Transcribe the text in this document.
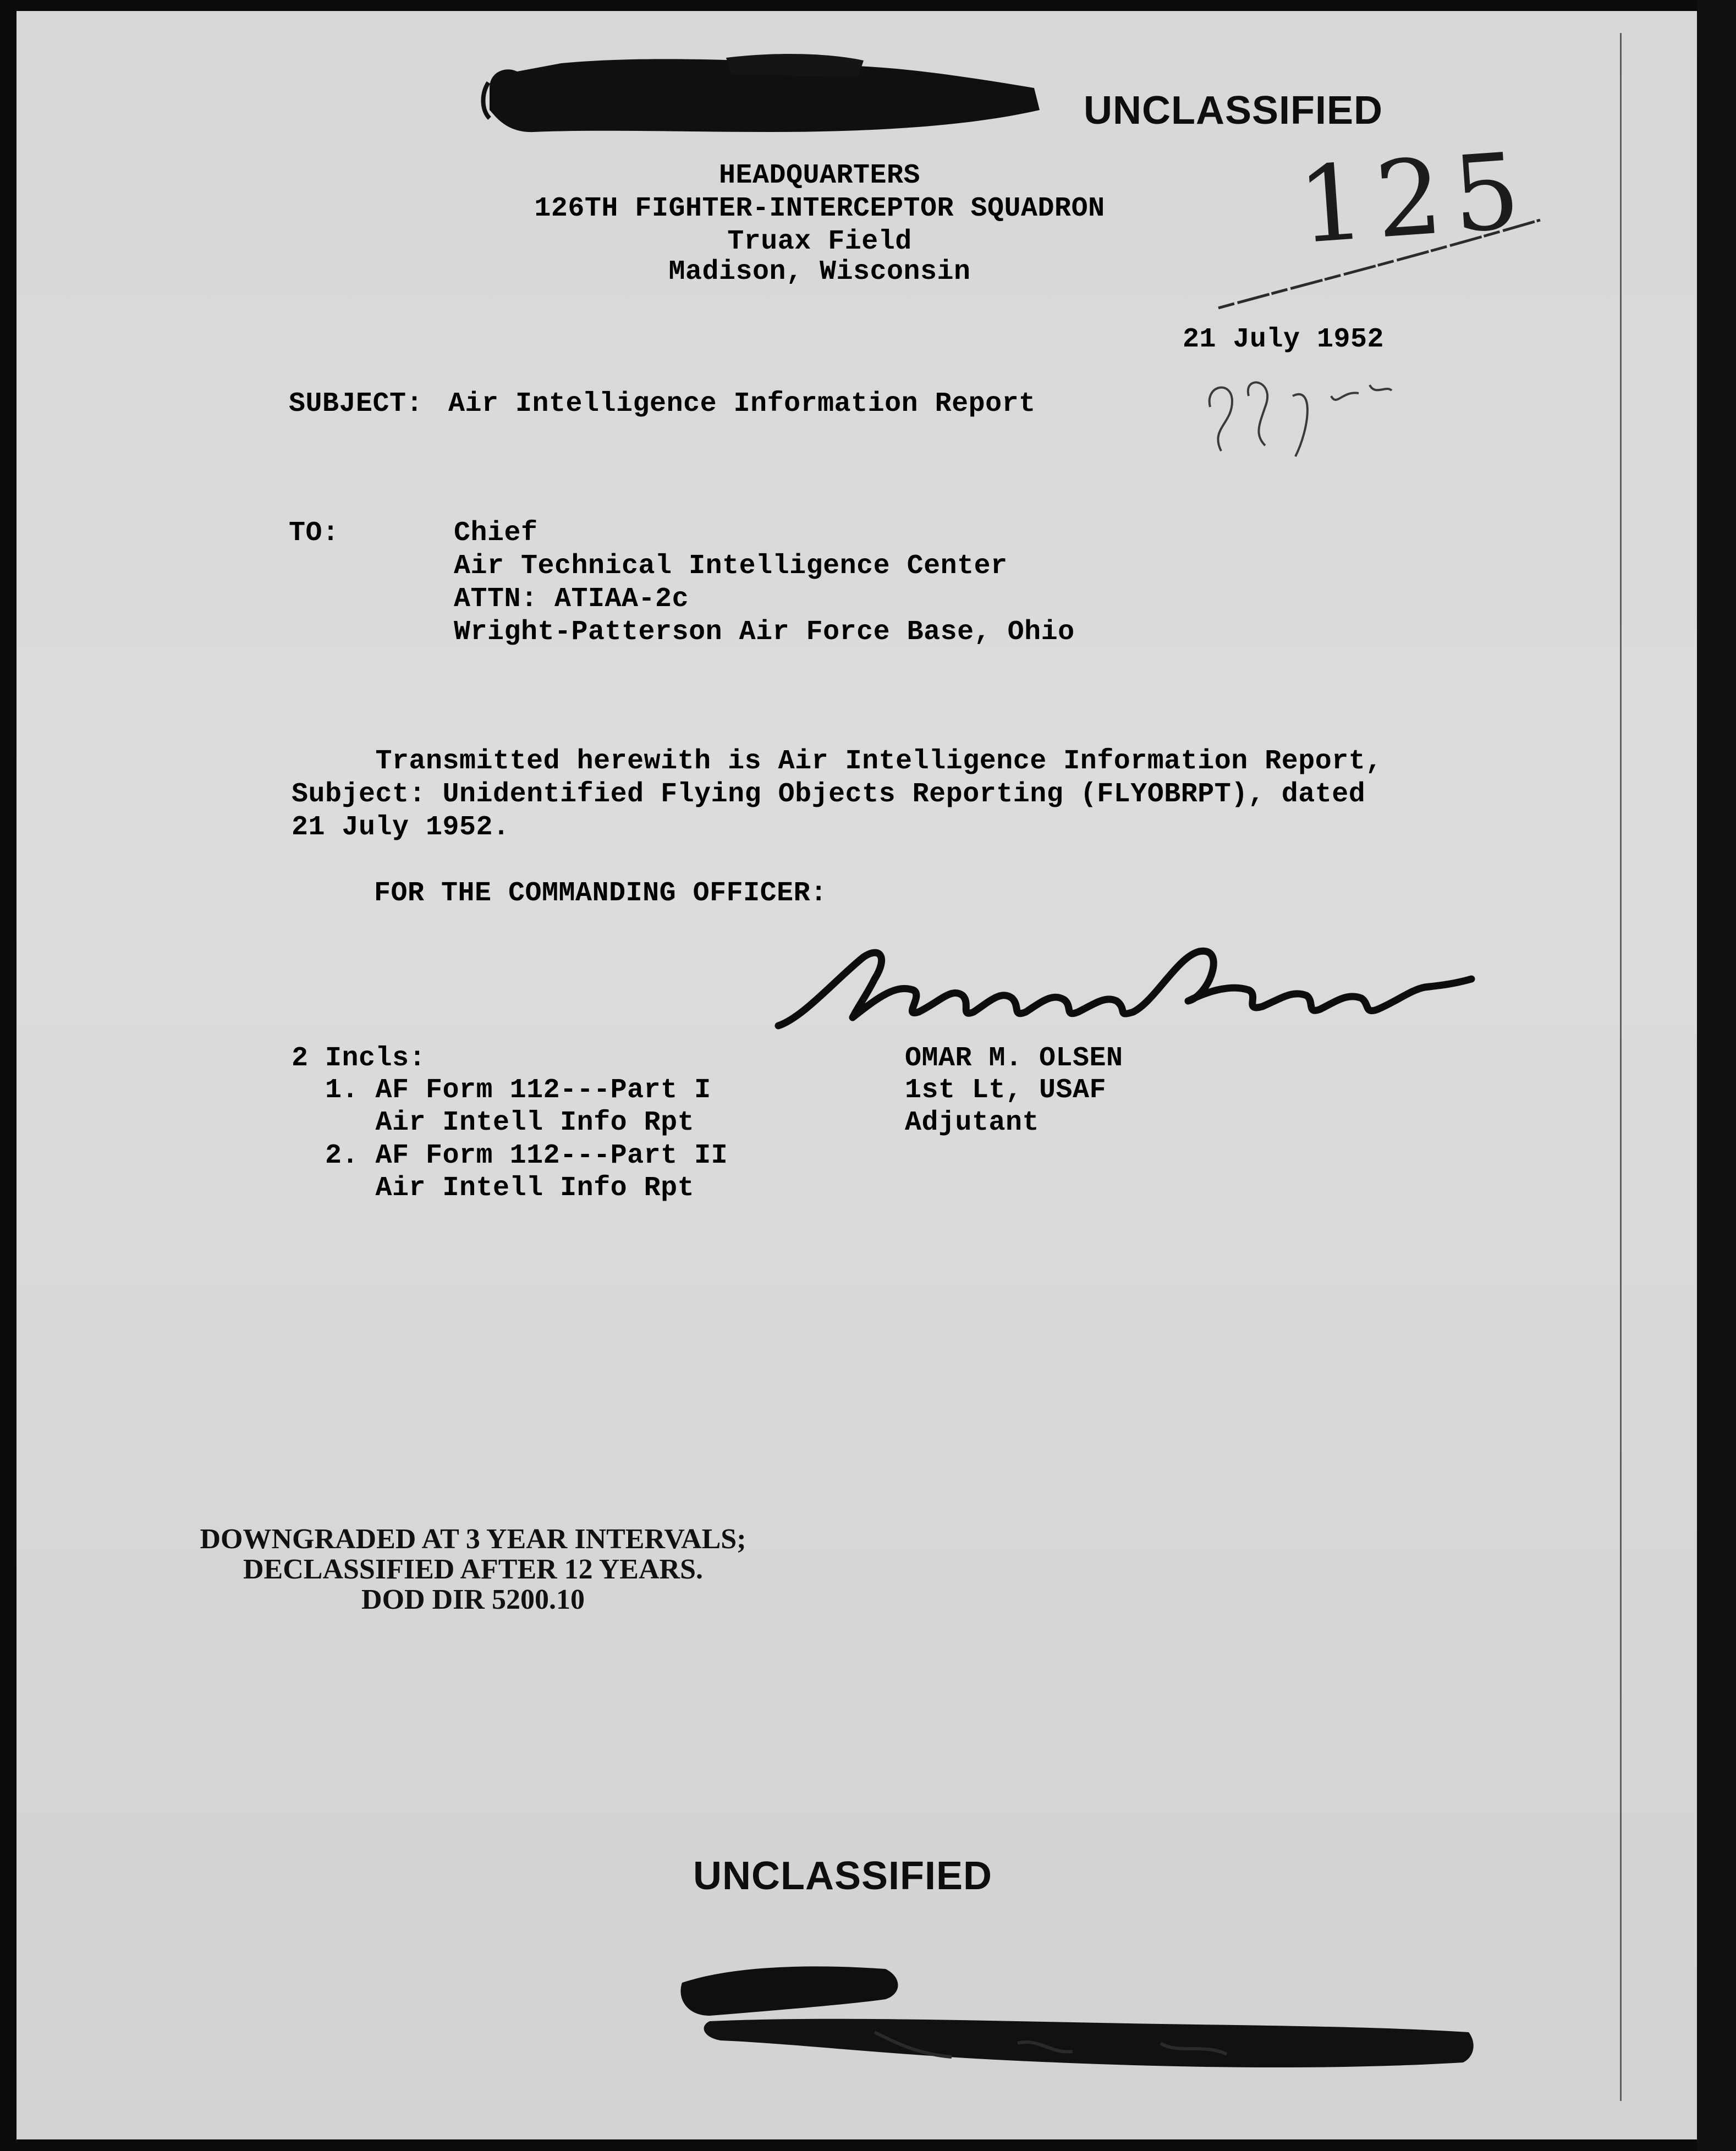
UNCLASSIFIED
HEADQUARTERS
126TH FIGHTER-INTERCEPTOR SQUADRON
Truax Field
Madison, Wisconsin
125
21 July 1952
SUBJECT: Air Intelligence Information Report
TO:	Chief
Air Technical Intelligence Center
ATTN: ATIAA-2c
Wright-Patterson Air Force Base, Ohio
Transmitted herewith is Air Intelligence Information Report,
Subject: Unidentified Flying Objects Reporting (FLYOBRPT), dated
21 July 1952.
FOR THE COMMANDING OFFICER:
2 Incls:
1. AF Form 112---Part I
Air Intell Info Rpt
2. AF Form 112---Part II
Air Intell Info Rpt
OMAR M. OLSEN
1st Lt, USAF
Adjutant
DOWNGRADED AT 3 YEAR INTERVALS;
DECLASSIFIED AFTER 12 YEARS.
DOD DIR 5200.10
UNCLASSIFIED
